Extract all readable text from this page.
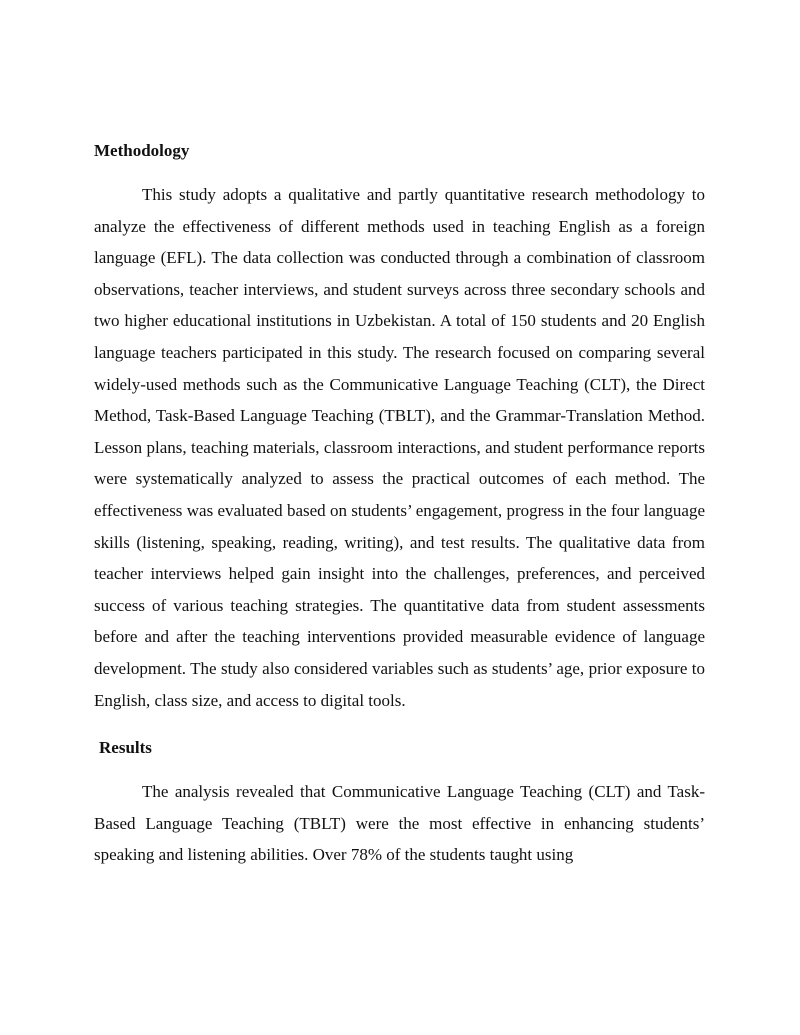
Methodology

This study adopts a qualitative and partly quantitative research methodology to analyze the effectiveness of different methods used in teaching English as a foreign language (EFL). The data collection was conducted through a combination of classroom observations, teacher interviews, and student surveys across three secondary schools and two higher educational institutions in Uzbekistan. A total of 150 students and 20 English language teachers participated in this study. The research focused on comparing several widely-used methods such as the Communicative Language Teaching (CLT), the Direct Method, Task-Based Language Teaching (TBLT), and the Grammar-Translation Method. Lesson plans, teaching materials, classroom interactions, and student performance reports were systematically analyzed to assess the practical outcomes of each method. The effectiveness was evaluated based on students’ engagement, progress in the four language skills (listening, speaking, reading, writing), and test results. The qualitative data from teacher interviews helped gain insight into the challenges, preferences, and perceived success of various teaching strategies. The quantitative data from student assessments before and after the teaching interventions provided measurable evidence of language development. The study also considered variables such as students’ age, prior exposure to English, class size, and access to digital tools.

Results

The analysis revealed that Communicative Language Teaching (CLT) and Task-Based Language Teaching (TBLT) were the most effective in enhancing students’ speaking and listening abilities. Over 78% of the students taught using
